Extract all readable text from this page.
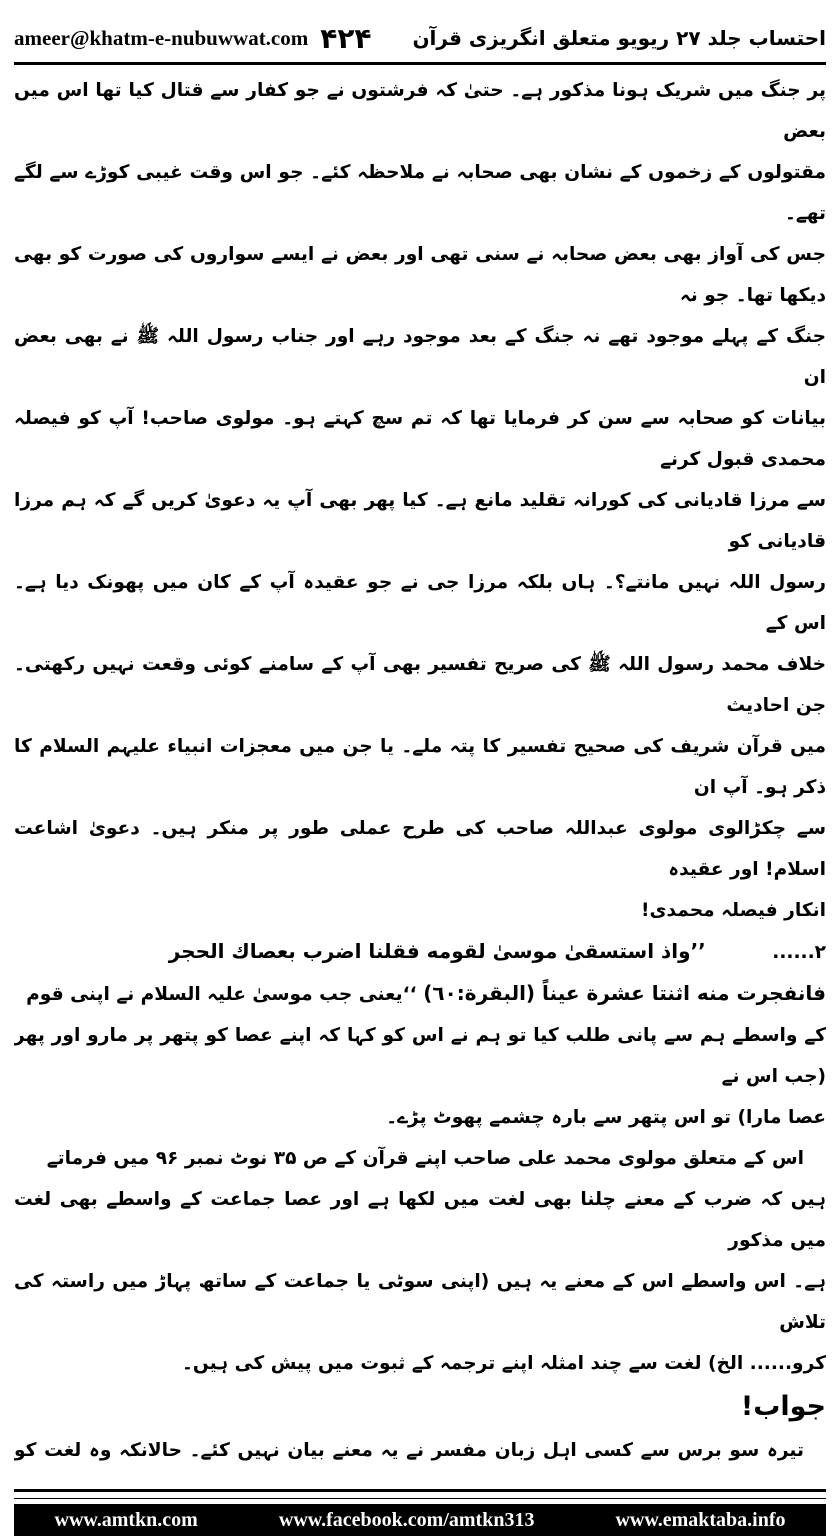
ameer@khatm-e-nubuwwat.com ۴۲۴ احتساب جلد ۲۷ ریویو متعلق انگریزی قرآن

پر جنگ میں شریک ہونا مذکور ہے۔ حتیٰ کہ فرشتوں نے جو کفار سے قتال کیا تھا اس میں بعض

مقتولوں کے زخموں کے نشان بھی صحابہ نے ملاحظہ کئے۔ جو اس وقت غیبی کوڑے سے لگے تھے۔

جس کی آواز بھی بعض صحابہ نے سنی تھی اور بعض نے ایسے سواروں کی صورت کو بھی دیکھا تھا۔ جو نہ

جنگ کے پہلے موجود تھے نہ جنگ کے بعد موجود رہے اور جناب رسول اللہ ﷺ نے بھی بعض ان

بیانات کو صحابہ سے سن کر فرمایا تھا کہ تم سچ کہتے ہو۔ مولوی صاحب! آپ کو فیصلہ محمدی قبول کرنے

سے مرزا قادیانی کی کورانہ تقلید مانع ہے۔ کیا پھر بھی آپ یہ دعویٰ کریں گے کہ ہم مرزا قادیانی کو

رسول اللہ نہیں مانتے؟۔ ہاں بلکہ مرزا جی نے جو عقیدہ آپ کے کان میں پھونک دیا ہے۔ اس کے

خلاف محمد رسول اللہ ﷺ کی صریح تفسیر بھی آپ کے سامنے کوئی وقعت نہیں رکھتی۔ جن احادیث

میں قرآن شریف کی صحیح تفسیر کا پتہ ملے۔ یا جن میں معجزات انبیاء علیہم السلام کا ذکر ہو۔ آپ ان

سے چکڑالوی مولوی عبداللہ صاحب کی طرح عملی طور پر منکر ہیں۔ دعویٰ اشاعت اسلام! اور عقیدہ

انکار فیصلہ محمدی!

۲...... ’’واذ استسقیٰ موسیٰ لقومه فقلنا اضرب بعصاك الحجر

فانفجرت منه اثنتا عشرة عيناً (البقرة:٦٠) ‘‘یعنی جب موسیٰ علیہ السلام نے اپنی قوم

کے واسطے ہم سے پانی طلب کیا تو ہم نے اس کو کہا کہ اپنے عصا کو پتھر پر مارو اور پھر (جب اس نے

عصا مارا) تو اس پتھر سے بارہ چشمے پھوٹ پڑے۔

اس کے متعلق مولوی محمد علی صاحب اپنے قرآن کے ص ۳۵ نوٹ نمبر ۹۶ میں فرماتے

ہیں کہ ضرب کے معنے چلنا بھی لغت میں لکھا ہے اور عصا جماعت کے واسطے بھی لغت میں مذکور

ہے۔ اس واسطے اس کے معنے یہ ہیں (اپنی سوٹی یا جماعت کے ساتھ پہاڑ میں راستہ کی تلاش

کرو...... الخ) لغت سے چند امثلہ اپنے ترجمہ کے ثبوت میں پیش کی ہیں۔

جواب!

تیرہ سو برس سے کسی اہل زبان مفسر نے یہ معنے بیان نہیں کئے۔ حالانکہ وہ لغت کو

www.amtkn.com	www.facebook.com/amtkn313	www.emaktaba.info
